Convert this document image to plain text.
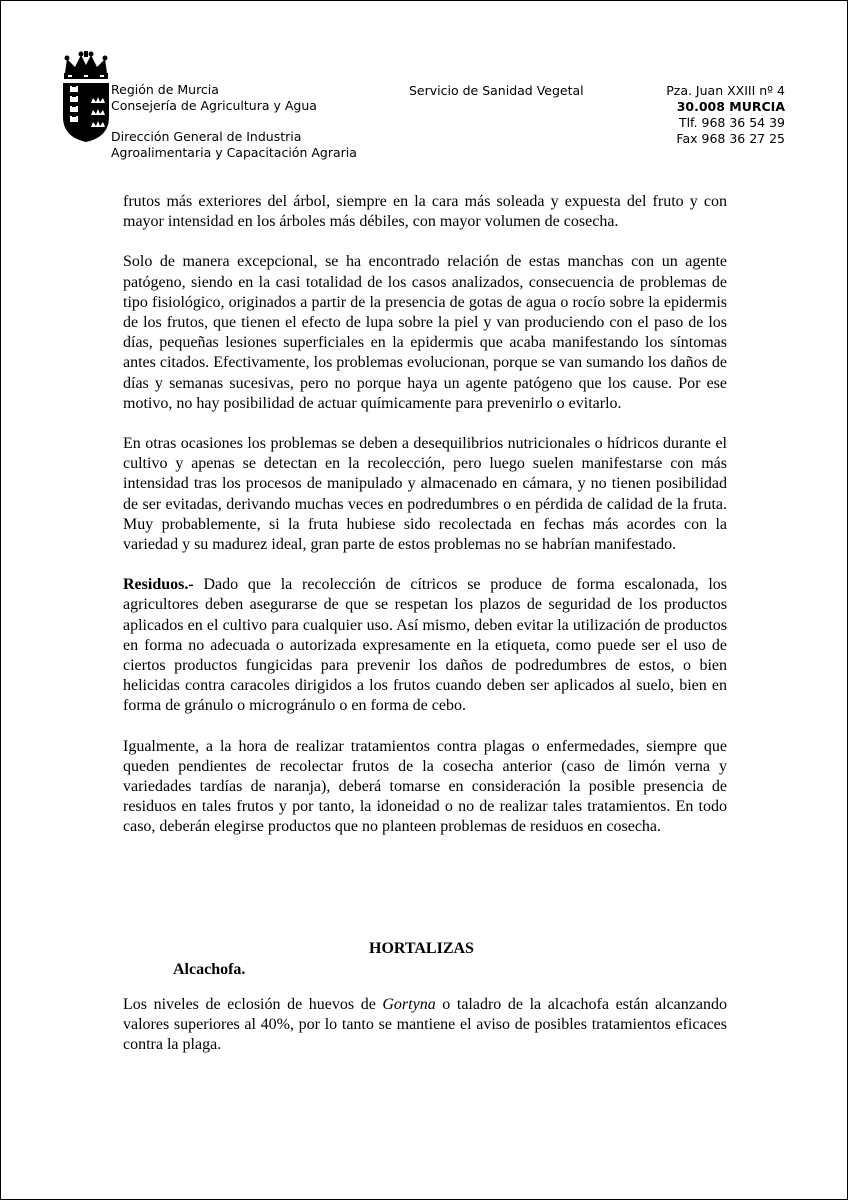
Región de Murcia
Consejería de Agricultura y Agua
Dirección General de Industria
Agroalimentaria y Capacitación Agraria
Servicio de Sanidad Vegetal	Pza. Juan XXIII nº 4
30.008 MURCIA
Tlf. 968 36 54 39
Fax 968 36 27 25

frutos más exteriores del árbol, siempre en la cara más soleada y expuesta del fruto y con mayor intensidad en los árboles más débiles, con mayor volumen de cosecha.

Solo de manera excepcional, se ha encontrado relación de estas manchas con un agente patógeno, siendo en la casi totalidad de los casos analizados, consecuencia de problemas de tipo fisiológico, originados a partir de la presencia de gotas de agua o rocío sobre la epidermis de los frutos, que tienen el efecto de lupa sobre la piel y van produciendo con el paso de los días, pequeñas lesiones superficiales en la epidermis que acaba manifestando los síntomas antes citados. Efectivamente, los problemas evolucionan, porque se van sumando los daños de días y semanas sucesivas, pero no porque haya un agente patógeno que los cause. Por ese motivo, no hay posibilidad de actuar químicamente para prevenirlo o evitarlo.

En otras ocasiones los problemas se deben a desequilibrios nutricionales o hídricos durante el cultivo y apenas se detectan en la recolección, pero luego suelen manifestarse con más intensidad tras los procesos de manipulado y almacenado en cámara, y no tienen posibilidad de ser evitadas, derivando muchas veces en podredumbres o en pérdida de calidad de la fruta. Muy probablemente, si la fruta hubiese sido recolectada en fechas más acordes con la variedad y su madurez ideal, gran parte de estos problemas no se habrían manifestado.

Residuos.- Dado que la recolección de cítricos se produce de forma escalonada, los agricultores deben asegurarse de que se respetan los plazos de seguridad de los productos aplicados en el cultivo para cualquier uso. Así mismo, deben evitar la utilización de productos en forma no adecuada o autorizada expresamente en la etiqueta, como puede ser el uso de ciertos productos fungicidas para prevenir los daños de podredumbres de estos, o bien helicidas contra caracoles dirigidos a los frutos cuando deben ser aplicados al suelo, bien en forma de gránulo o microgránulo o en forma de cebo.

Igualmente, a la hora de realizar tratamientos contra plagas o enfermedades, siempre que queden pendientes de recolectar frutos de la cosecha anterior (caso de limón verna y variedades tardías de naranja), deberá tomarse en consideración la posible presencia de residuos en tales frutos y por tanto, la idoneidad o no de realizar tales tratamientos. En todo caso, deberán elegirse productos que no planteen problemas de residuos en cosecha.

HORTALIZAS
Alcachofa.

Los niveles de eclosión de huevos de Gortyna o taladro de la alcachofa están alcanzando valores superiores al 40%, por lo tanto se mantiene el aviso de posibles tratamientos eficaces contra la plaga.
